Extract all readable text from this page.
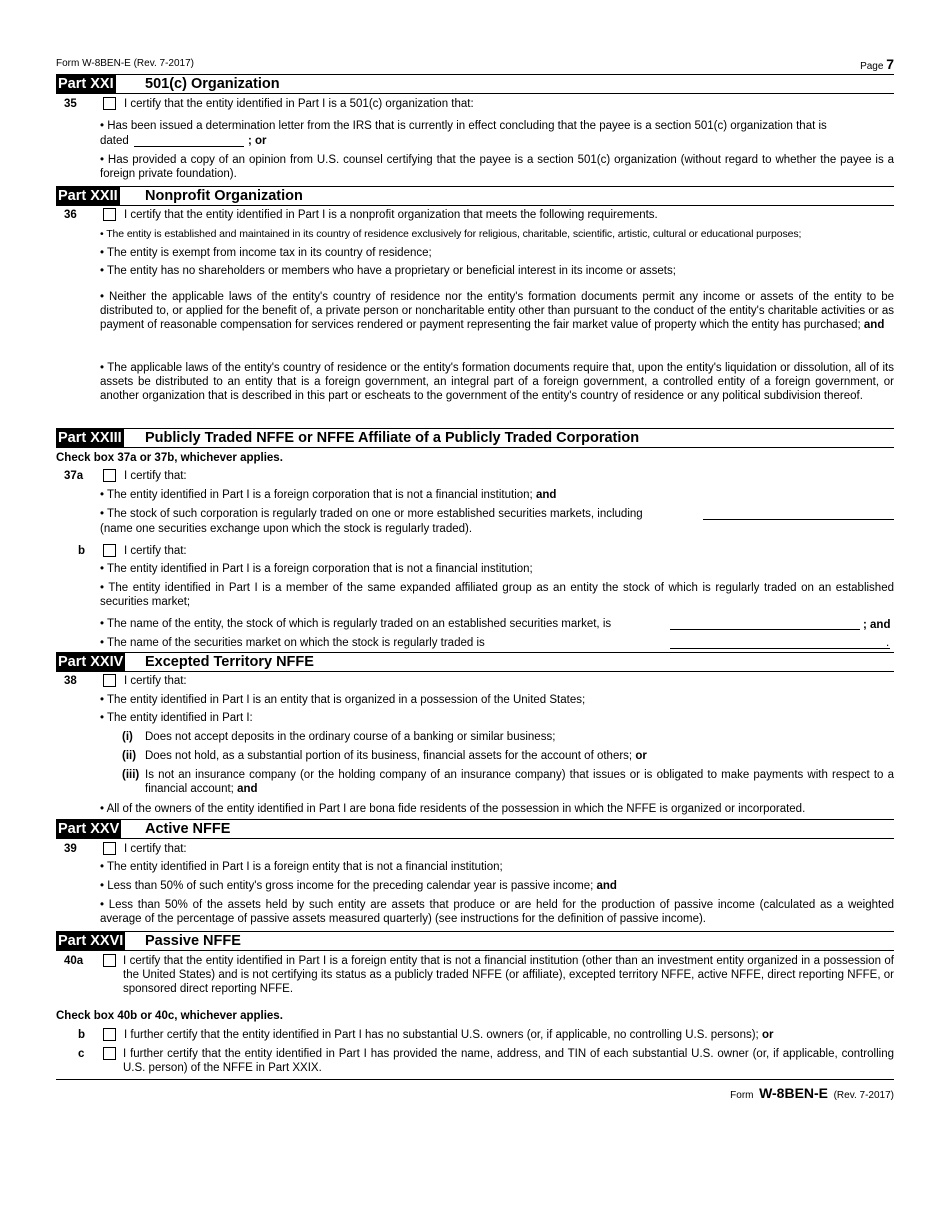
Form W-8BEN-E (Rev. 7-2017)	Page 7
Part XXI 501(c) Organization
35	I certify that the entity identified in Part I is a 501(c) organization that:
• Has been issued a determination letter from the IRS that is currently in effect concluding that the payee is a section 501(c) organization that is
dated	; or
• Has provided a copy of an opinion from U.S. counsel certifying that the payee is a section 501(c) organization (without regard to whether the payee is a foreign private foundation).
Part XXII Nonprofit Organization
36	I certify that the entity identified in Part I is a nonprofit organization that meets the following requirements.
• The entity is established and maintained in its country of residence exclusively for religious, charitable, scientific, artistic, cultural or educational purposes;
• The entity is exempt from income tax in its country of residence;
• The entity has no shareholders or members who have a proprietary or beneficial interest in its income or assets;
• Neither the applicable laws of the entity's country of residence nor the entity's formation documents permit any income or assets of the entity to be distributed to, or applied for the benefit of, a private person or noncharitable entity other than pursuant to the conduct of the entity's charitable activities or as payment of reasonable compensation for services rendered or payment representing the fair market value of property which the entity has purchased; and
• The applicable laws of the entity's country of residence or the entity's formation documents require that, upon the entity's liquidation or dissolution, all of its assets be distributed to an entity that is a foreign government, an integral part of a foreign government, a controlled entity of a foreign government, or another organization that is described in this part or escheats to the government of the entity's country of residence or any political subdivision thereof.
Part XXIII Publicly Traded NFFE or NFFE Affiliate of a Publicly Traded Corporation
Check box 37a or 37b, whichever applies.
37a	I certify that:
• The entity identified in Part I is a foreign corporation that is not a financial institution; and
• The stock of such corporation is regularly traded on one or more established securities markets, including
(name one securities exchange upon which the stock is regularly traded).
b	I certify that:
• The entity identified in Part I is a foreign corporation that is not a financial institution;
• The entity identified in Part I is a member of the same expanded affiliated group as an entity the stock of which is regularly traded on an established securities market;
• The name of the entity, the stock of which is regularly traded on an established securities market, is	; and
• The name of the securities market on which the stock is regularly traded is	.
Part XXIV Excepted Territory NFFE
38	I certify that:
• The entity identified in Part I is an entity that is organized in a possession of the United States;
• The entity identified in Part I:
(i) Does not accept deposits in the ordinary course of a banking or similar business;
(ii) Does not hold, as a substantial portion of its business, financial assets for the account of others; or
(iii) Is not an insurance company (or the holding company of an insurance company) that issues or is obligated to make payments with respect to a financial account; and
• All of the owners of the entity identified in Part I are bona fide residents of the possession in which the NFFE is organized or incorporated.
Part XXV Active NFFE
39	I certify that:
• The entity identified in Part I is a foreign entity that is not a financial institution;
• Less than 50% of such entity's gross income for the preceding calendar year is passive income; and
• Less than 50% of the assets held by such entity are assets that produce or are held for the production of passive income (calculated as a weighted average of the percentage of passive assets measured quarterly) (see instructions for the definition of passive income).
Part XXVI Passive NFFE
40a	I certify that the entity identified in Part I is a foreign entity that is not a financial institution (other than an investment entity organized in a possession of the United States) and is not certifying its status as a publicly traded NFFE (or affiliate), excepted territory NFFE, active NFFE, direct reporting NFFE, or sponsored direct reporting NFFE.
Check box 40b or 40c, whichever applies.
b	I further certify that the entity identified in Part I has no substantial U.S. owners (or, if applicable, no controlling U.S. persons); or
c	I further certify that the entity identified in Part I has provided the name, address, and TIN of each substantial U.S. owner (or, if applicable, controlling U.S. person) of the NFFE in Part XXIX.
Form W-8BEN-E (Rev. 7-2017)
